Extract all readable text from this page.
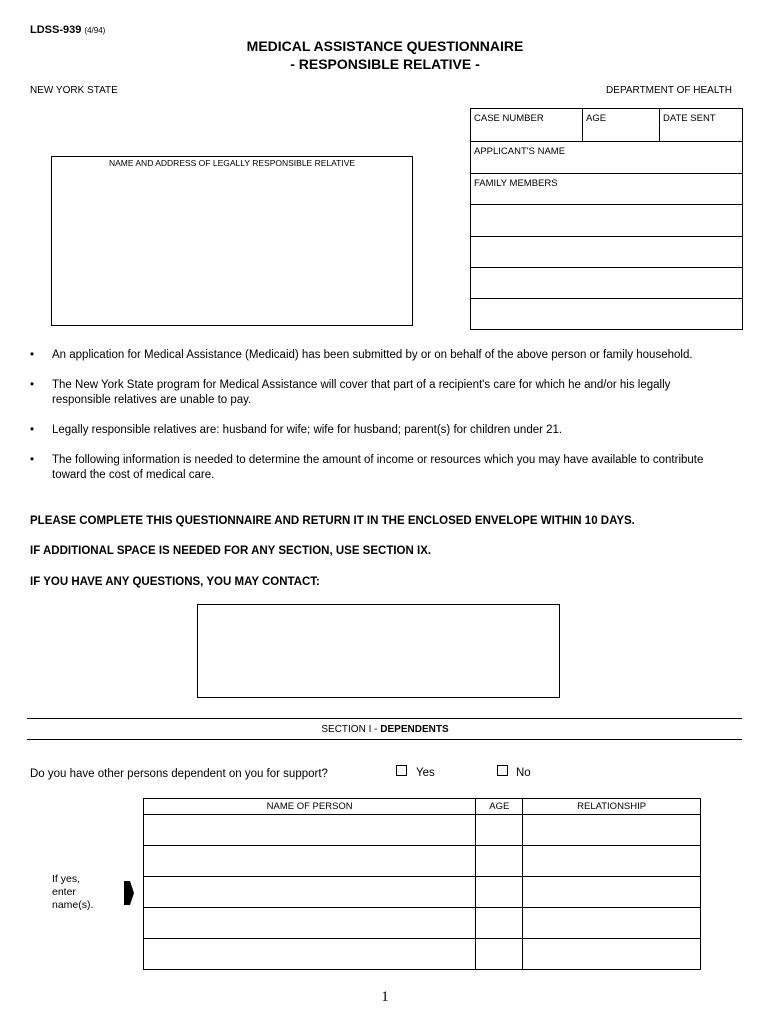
LDSS-939 (4/94)
MEDICAL ASSISTANCE QUESTIONNAIRE
- RESPONSIBLE RELATIVE -
NEW YORK STATE	DEPARTMENT OF HEALTH
NAME AND ADDRESS OF LEGALLY RESPONSIBLE RELATIVE
CASE NUMBER	AGE	DATE SENT
APPLICANT'S NAME
FAMILY MEMBERS
• An application for Medical Assistance (Medicaid) has been submitted by or on behalf of the above person or family household.
• The New York State program for Medical Assistance will cover that part of a recipient's care for which he and/or his legally responsible relatives are unable to pay.
• Legally responsible relatives are: husband for wife; wife for husband; parent(s) for children under 21.
• The following information is needed to determine the amount of income or resources which you may have available to contribute toward the cost of medical care.
PLEASE COMPLETE THIS QUESTIONNAIRE AND RETURN IT IN THE ENCLOSED ENVELOPE WITHIN 10 DAYS.
IF ADDITIONAL SPACE IS NEEDED FOR ANY SECTION, USE SECTION IX.
IF YOU HAVE ANY QUESTIONS, YOU MAY CONTACT:
SECTION I - DEPENDENTS
Do you have other persons dependent on you for support?	Yes	No
If yes,
enter
name(s).
NAME OF PERSON	AGE	RELATIONSHIP

1
